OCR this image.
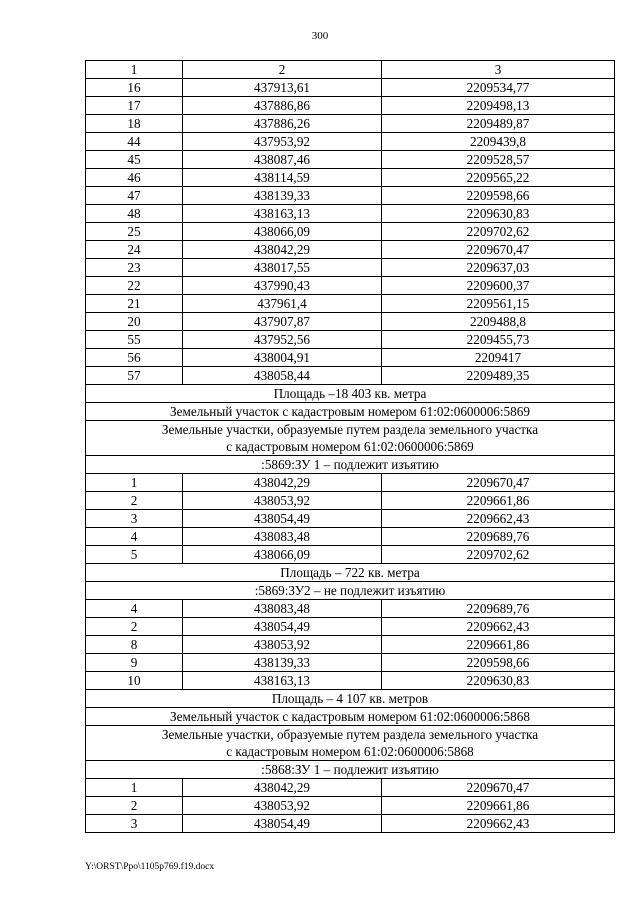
300
1	2	3
16	437913,61	2209534,77
17	437886,86	2209498,13
18	437886,26	2209489,87
44	437953,92	2209439,8
45	438087,46	2209528,57
46	438114,59	2209565,22
47	438139,33	2209598,66
48	438163,13	2209630,83
25	438066,09	2209702,62
24	438042,29	2209670,47
23	438017,55	2209637,03
22	437990,43	2209600,37
21	437961,4	2209561,15
20	437907,87	2209488,8
55	437952,56	2209455,73
56	438004,91	2209417
57	438058,44	2209489,35
Площадь –18 403 кв. метра		
Земельный участок с кадастровым номером 61:02:0600006:5869		

Земельные участки, образуемые путем раздела земельного участка
с кадастровым номером 61:02:0600006:5869		

:5869:ЗУ 1 – подлежит изъятию		
1	438042,29	2209670,47
2	438053,92	2209661,86
3	438054,49	2209662,43
4	438083,48	2209689,76
5	438066,09	2209702,62
Площадь – 722 кв. метра		
:5869:ЗУ2 – не подлежит изъятию		
4	438083,48	2209689,76
2	438054,49	2209662,43
8	438053,92	2209661,86
9	438139,33	2209598,66
10	438163,13	2209630,83
Площадь – 4 107 кв. метров		
Земельный участок с кадастровым номером 61:02:0600006:5868		

Земельные участки, образуемые путем раздела земельного участка
с кадастровым номером 61:02:0600006:5868		

:5868:ЗУ 1 – подлежит изъятию		
1	438042,29	2209670,47
2	438053,92	2209661,86
3	438054,49	2209662,43
Y:\ORST\Ppo\1105p769.f19.docx
